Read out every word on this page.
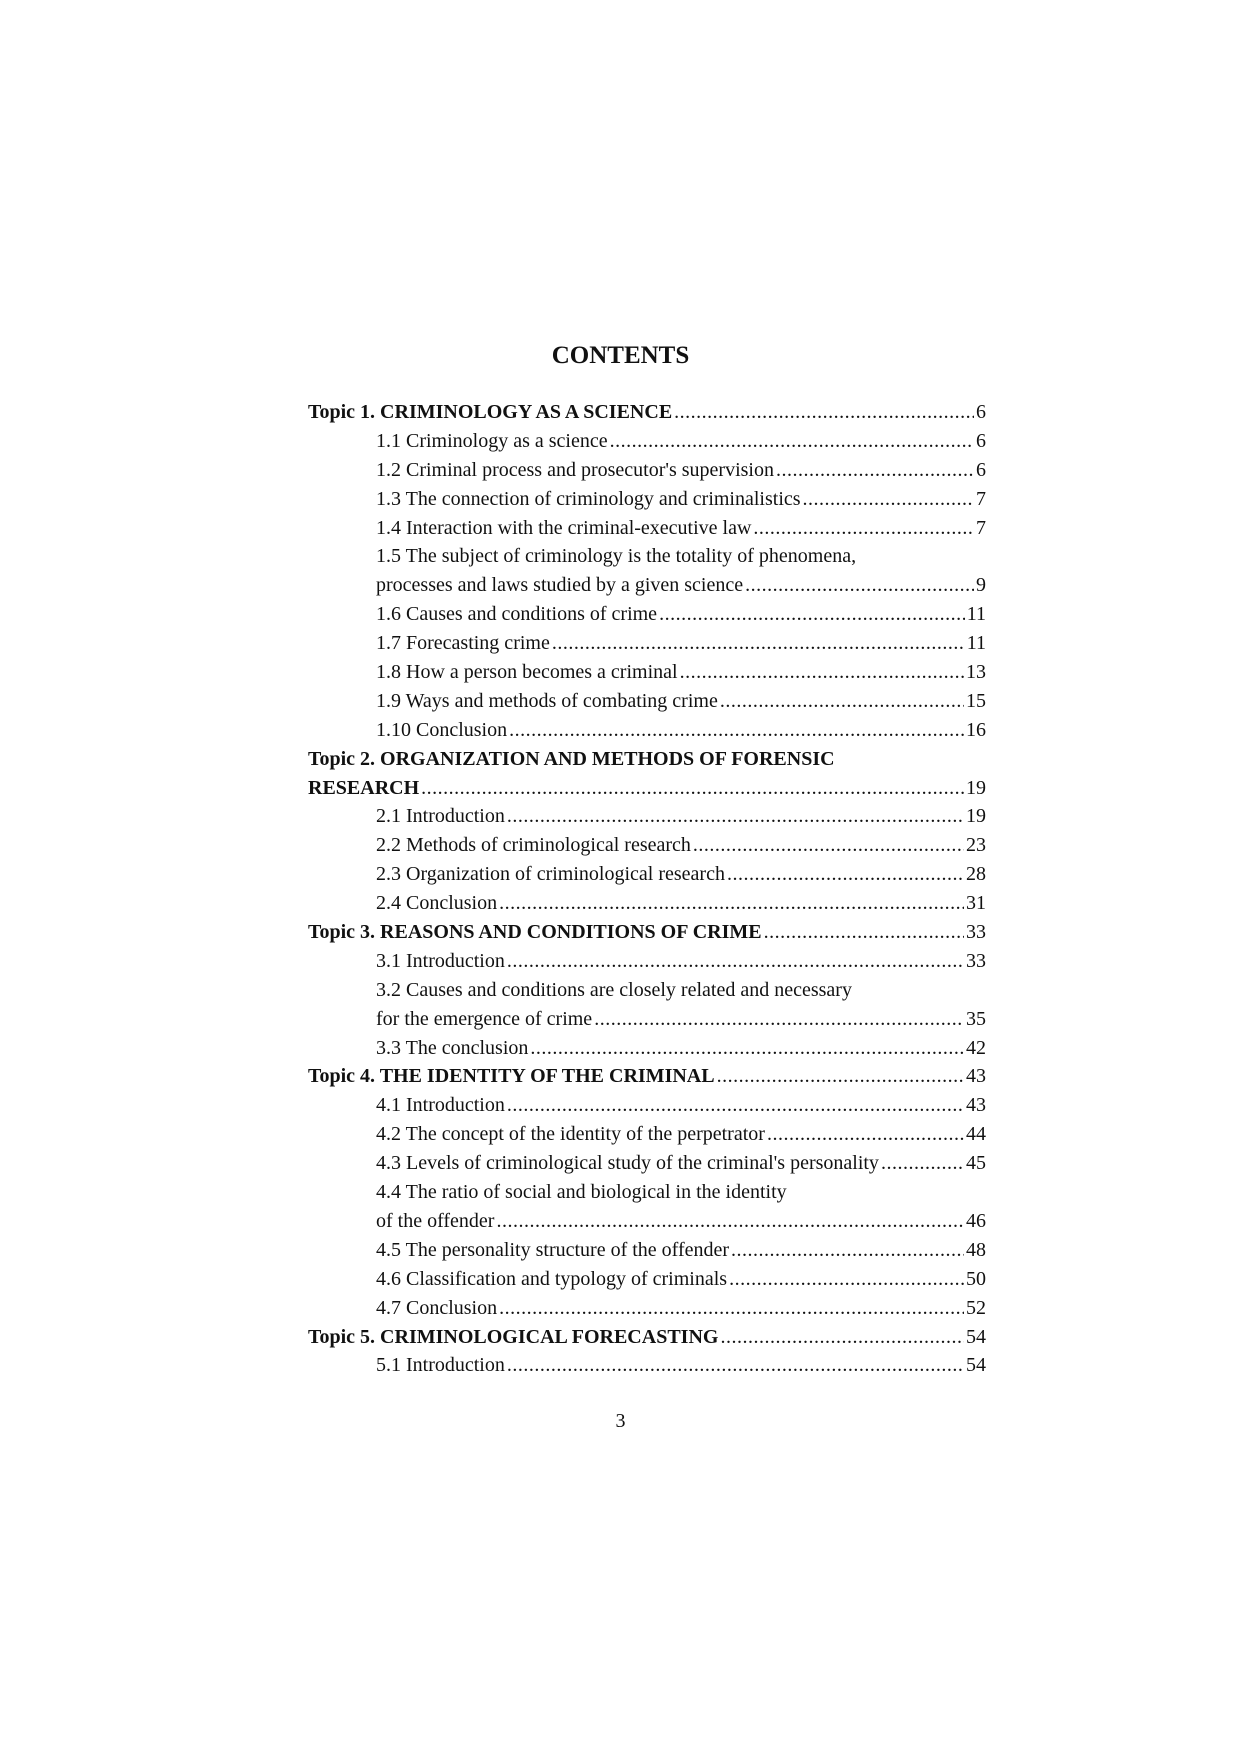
CONTENTS
Topic 1. CRIMINOLOGY AS A SCIENCE .....	6
1.1 Criminology as a science .....	6
1.2 Criminal process and prosecutor's supervision .....	6
1.3 The connection of criminology and criminalistics .....	7
1.4 Interaction with the criminal-executive law .....	7
1.5 The subject of criminology is the totality of phenomena,
processes and laws studied by a given science .....	9
1.6 Causes and conditions of crime .....	11
1.7 Forecasting crime .....	11
1.8 How a person becomes a criminal .....	13
1.9 Ways and methods of combating crime .....	15
1.10 Conclusion .....	16
Topic 2. ORGANIZATION AND METHODS OF FORENSIC
RESEARCH .....	19
2.1 Introduction .....	19
2.2 Methods of criminological research .....	23
2.3 Organization of criminological research .....	28
2.4 Conclusion .....	31
Topic 3. REASONS AND CONDITIONS OF CRIME .....	33
3.1 Introduction .....	33
3.2 Causes and conditions are closely related and necessary
for the emergence of crime .....	35
3.3 The conclusion .....	42
Topic 4. THE IDENTITY OF THE CRIMINAL .....	43
4.1 Introduction .....	43
4.2 The concept of the identity of the perpetrator .....	44
4.3 Levels of criminological study of the criminal's personality .....	45
4.4 The ratio of social and biological in the identity
of the offender .....	46
4.5 The personality structure of the offender .....	48
4.6 Classification and typology of criminals .....	50
4.7 Conclusion .....	52
Topic 5. CRIMINOLOGICAL FORECASTING .....	54
5.1 Introduction .....	54
3
